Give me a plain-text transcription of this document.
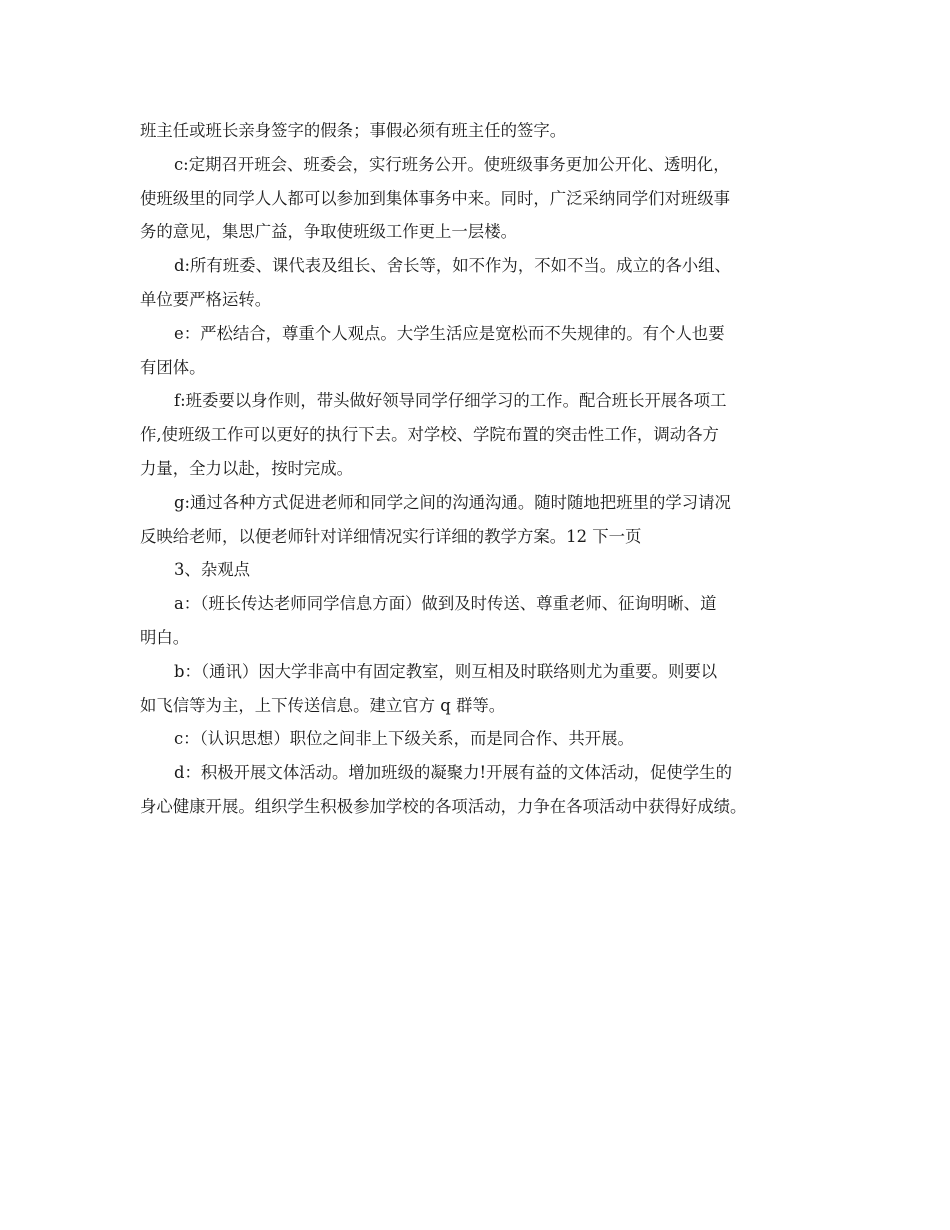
班主任或班长亲身签字的假条；事假必须有班主任的签字。
c:定期召开班会、班委会，实行班务公开。使班级事务更加公开化、透明化，
使班级里的同学人人都可以参加到集体事务中来。同时，广泛采纳同学们对班级事
务的意见，集思广益，争取使班级工作更上一层楼。
d:所有班委、课代表及组长、舍长等，如不作为，不如不当。成立的各小组、
单位要严格运转。
e：严松结合，尊重个人观点。大学生活应是宽松而不失规律的。有个人也要
有团体。
f:班委要以身作则，带头做好领导同学仔细学习的工作。配合班长开展各项工
作,使班级工作可以更好的执行下去。对学校、学院布置的突击性工作，调动各方
力量，全力以赴，按时完成。
g:通过各种方式促进老师和同学之间的沟通沟通。随时随地把班里的学习请况
反映给老师，以便老师针对详细情况实行详细的教学方案。12 下一页
3、杂观点
a：（班长传达老师同学信息方面）做到及时传送、尊重老师、征询明晰、道
明白。
b：（通讯）因大学非高中有固定教室，则互相及时联络则尤为重要。则要以
如飞信等为主，上下传送信息。建立官方 q 群等。
c：（认识思想）职位之间非上下级关系，而是同合作、共开展。
d：积极开展文体活动。增加班级的凝聚力!开展有益的文体活动，促使学生的
身心健康开展。组织学生积极参加学校的各项活动，力争在各项活动中获得好成绩。
